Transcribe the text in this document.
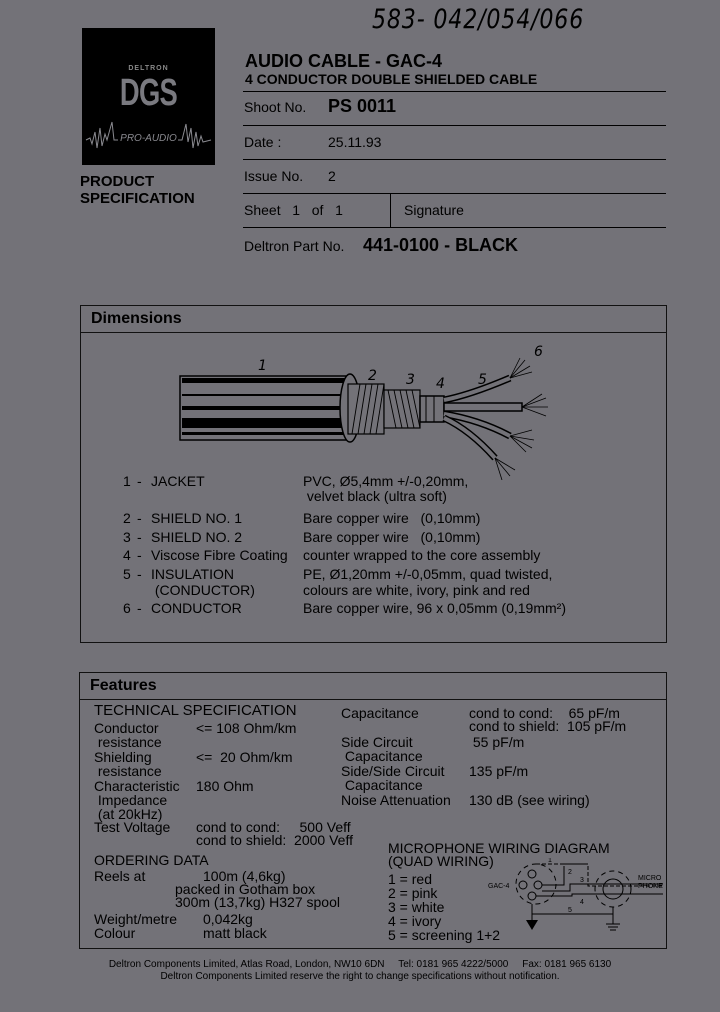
583- 042/054/066
DELTRON
DGS
PRO-AUDIO
PRODUCT
SPECIFICATION
AUDIO CABLE - GAC-4
4 CONDUCTOR DOUBLE SHIELDED CABLE
Shoot No. PS 0011
Date :	25.11.93
Issue No. 2
Sheet 1 of 1	Signature
Deltron Part No. 441-0100 - BLACK
Dimensions
1
2 3 4 5
6
1 - JACKET	PVC, Ø5,4mm +/-0,20mm,
velvet black (ultra soft)
2 - SHIELD NO. 1	Bare copper wire   (0,10mm)
3 - SHIELD NO. 2	Bare copper wire   (0,10mm)
4 - Viscose Fibre Coating counter wrapped to the core assembly
5 - INSULATION
(CONDUCTOR)
PE, Ø1,20mm +/-0,05mm, quad twisted,
colours are white, ivory, pink and red
6 - CONDUCTOR	Bare copper wire, 96 x 0,05mm (0,19mm²)
Features
TECHNICAL SPECIFICATION
Conductor
resistance
<= 108 Ohm/km
Shielding
resistance
<=  20 Ohm/km
Characteristic
Impedance
(at 20kHz)
180 Ohm
Test Voltage cond to cond:     500 Veff
cond to shield:  2000 Veff
Capacitance	cond to cond:    65 pF/m
cond to shield:  105 pF/m
Side Circuit
Capacitance
55 pF/m
Side/Side Circuit
Capacitance
135 pF/m
Noise Attenuation 130 dB (see wiring)
ORDERING DATA
Reels at	100m (4,6kg)
packed in Gotham box
300m (13,7kg) H327 spool
Weight/metre 0,042kg
Colour	matt black
MICROPHONE WIRING DIAGRAM
(QUAD WIRING)
1 = red
2 = pink
3 = white
4 = ivory
5 = screening 1+2
GAC-4
MICRO
PHONE
1
2
3
4
5
Deltron Components Limited, Atlas Road, London, NW10 6DN     Tel: 0181 965 4222/5000     Fax: 0181 965 6130
Deltron Components Limited reserve the right to change specifications without notification.
